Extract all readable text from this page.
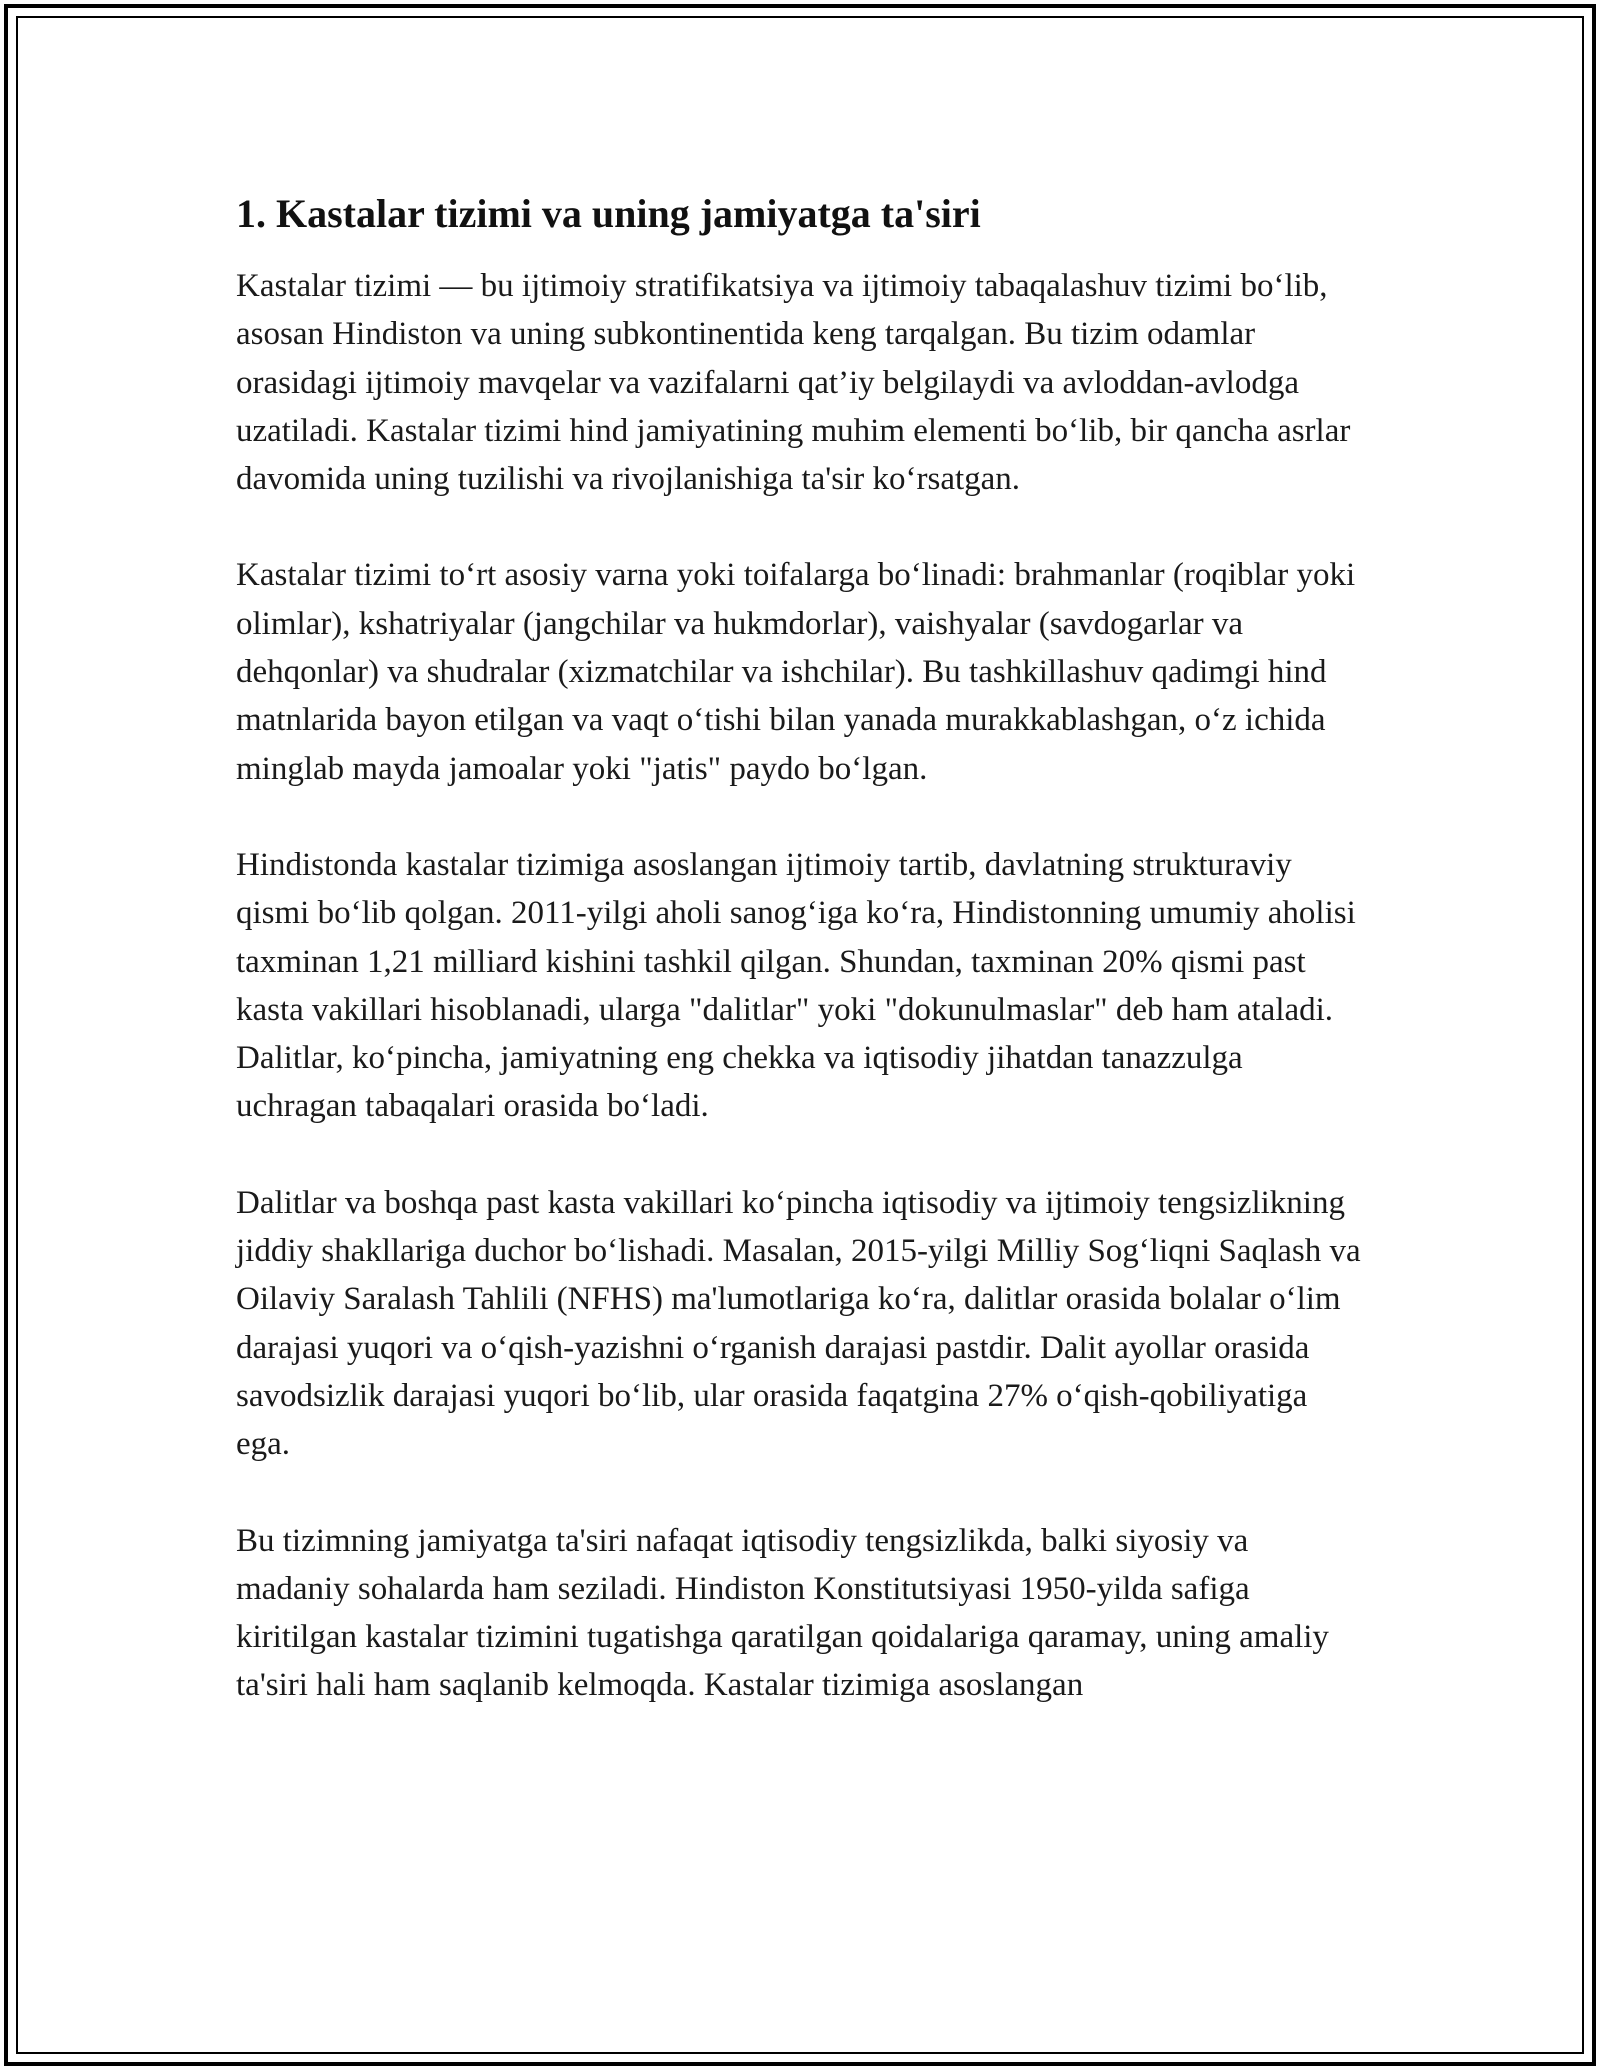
1. Kastalar tizimi va uning jamiyatga ta'siri

Kastalar tizimi — bu ijtimoiy stratifikatsiya va ijtimoiy tabaqalashuv tizimi bo‘lib, asosan Hindiston va uning subkontinentida keng tarqalgan. Bu tizim odamlar orasidagi ijtimoiy mavqelar va vazifalarni qat’iy belgilaydi va avloddan-avlodga uzatiladi. Kastalar tizimi hind jamiyatining muhim elementi bo‘lib, bir qancha asrlar davomida uning tuzilishi va rivojlanishiga ta'sir ko‘rsatgan.

Kastalar tizimi to‘rt asosiy varna yoki toifalarga bo‘linadi: brahmanlar (roqiblar yoki olimlar), kshatriyalar (jangchilar va hukmdorlar), vaishyalar (savdogarlar va dehqonlar) va shudralar (xizmatchilar va ishchilar). Bu tashkillashuv qadimgi hind matnlarida bayon etilgan va vaqt o‘tishi bilan yanada murakkablashgan, o‘z ichida minglab mayda jamoalar yoki "jatis" paydo bo‘lgan.

Hindistonda kastalar tizimiga asoslangan ijtimoiy tartib, davlatning strukturaviy qismi bo‘lib qolgan. 2011-yilgi aholi sanog‘iga ko‘ra, Hindistonning umumiy aholisi taxminan 1,21 milliard kishini tashkil qilgan. Shundan, taxminan 20% qismi past kasta vakillari hisoblanadi, ularga "dalitlar" yoki "dokunulmaslar" deb ham ataladi. Dalitlar, ko‘pincha, jamiyatning eng chekka va iqtisodiy jihatdan tanazzulga uchragan tabaqalari orasida bo‘ladi.

Dalitlar va boshqa past kasta vakillari ko‘pincha iqtisodiy va ijtimoiy tengsizlikning jiddiy shakllariga duchor bo‘lishadi. Masalan, 2015-yilgi Milliy Sog‘liqni Saqlash va Oilaviy Saralash Tahlili (NFHS) ma'lumotlariga ko‘ra, dalitlar orasida bolalar o‘lim darajasi yuqori va o‘qish-yazishni o‘rganish darajasi pastdir. Dalit ayollar orasida savodsizlik darajasi yuqori bo‘lib, ular orasida faqatgina 27% o‘qish-qobiliyatiga ega.

Bu tizimning jamiyatga ta'siri nafaqat iqtisodiy tengsizlikda, balki siyosiy va madaniy sohalarda ham seziladi. Hindiston Konstitutsiyasi 1950-yilda safiga kiritilgan kastalar tizimini tugatishga qaratilgan qoidalariga qaramay, uning amaliy ta'siri hali ham saqlanib kelmoqda. Kastalar tizimiga asoslangan
